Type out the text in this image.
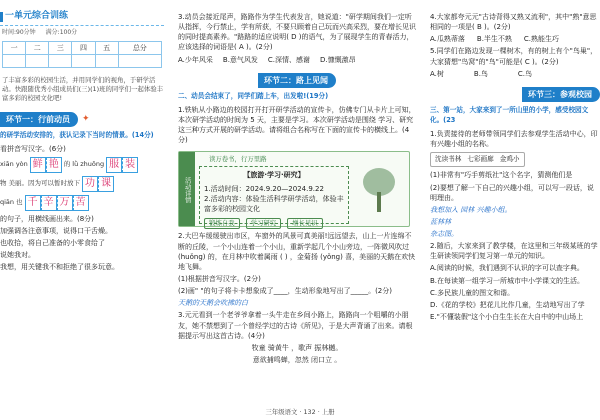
一单元综合训练
时间:90分钟 满分:100分
一	二	三	四	五	总分

了丰富多彩的校园生活，并用同学们的视角，于研学活动。快跟随优秀小组成员们(三)(1)班的同学们一起体验丰富多彩的校园文化吧!

环节一：行前动员	✦
的研学活动安排的，获认记录下当时的情景。(14分)
看拼音写汉字。(6分)
xiān yòn 鲜 艳 的 lǜ zhuōng 服 装
物 美丽。因为可以暂时放下 功 课
qiān 也 千 辛 万 苦
的句子，用横线画出来。(8分)
加强调各注意事项，说得口干舌燥。
也收拾，将自己准备的小零食给了
说她我对。
我想，用关键我不和拒绝了很多玩意。
3.动员会接近尾声，路路作为学生代表发言，她说道："研学期间我们一定听从指挥，今行禁止，学有所获，不要只顾着自己玩而兴高采烈，要在增长见识的同时提高素养。"路路的适应说明( D )的语气，为了展现学生的青春活力，应该选择的词语是( A )。(2分)
A.少年风采 B.意气风发 C.深情、感谢 D.慷慨激昂
环节二：路上见闻
二、动员会结束了，同学们踏上车，出发啦!(19分)
1.铁轨从小路边的校园打开打开研学活动的宣传卡，仿佛专门从卡片上可知，本次研学活动的时间为 5 天，主要是学习。本次研学活动是围绕 学习、研究 这三种方式开展的研学活动。请将组合名称写在下面的宣传卡的横线上。(4分)
活动详情
读万卷书，行万里路
【旅游·学习·研究】
1.活动时间：2024.9.20—2024.9.22
2.活动内容：体验生活科学研学活动，体验丰富多彩的校园文化
锻炼自我	学习研究	增长见识
2.大巴车缓缓驶出市区，车窗外的风景可真美丽!远远望去，山上一片连绵不断的丘陵，一个小山连着一个小山，重新学起几个小山旁边，一阵微风吹过 (huǒng) 的，在月林中吹着属雨 ( ) ，金菊扬 (yǒng) 喜，美丽的天鹅在欢快地飞舞。
(1)根据拼音写汉字。(2分)
(2)画" "的句子将卡卡想象成了____，生动形象地写出了_____。(2分)
天鹅的天鹅会吹拂的白
3.元元看到一个老爷爷拿着一头牛走在乡间小路上，路路向一个咀嚼的小朋友，她不禁想到了一个曾经学过的古诗《所见》，于是大声背诵了出来。请根据提示写出这首古诗。(4分)
牧童 骑黄牛 ，歌声 振林樾。
意欲捕鸣蝉，忽然 闭口立 。
4.大家都夸元元"古诗背得又熟又流利"，其中"熟"意思相同的一项是( B )。(2分)
A.瓜熟蒂落 B.半生不熟 C.熟能生巧
5.同学们在路边发现一棵树木，有的树上有个"鸟巢"，大家猜想"鸟窝"的"鸟"可能是( C )。(2分)
A.树	B.鸟	C.鸟
环节三：参观校园
三、第一站，大家来到了一所山里的小学，感受校园文化。(23
1.负责接待的老师带领同学们去参观学生活动中心，印有兴趣小组的名称。
沈读书林 七彩画廊 金鸡小
(1)非常有"巧手剪纸社"这个名字，猜测他们是
(2)要想了解一下自己的兴趣小组，可以写一段话，说明理由。
我想加入 园林 兴趣小组。
蓝林林
杂志图。
2.随后，大家来到了教学楼，在这里和三年级某班的学生研读领同学们复习第一单元的知识。
A.阅读的时候，我们遇到不认识的字可以查字典。
B.在每读第一组学习一所城市中小学课文的生活。
C.多民族儿童的图文和谐。
D.《花的学校》把花儿比作几童，生动地写出了学
E."不懂装假"这个小白生生长在大自中的中山场上
三年级语文 · 132 · 上册
